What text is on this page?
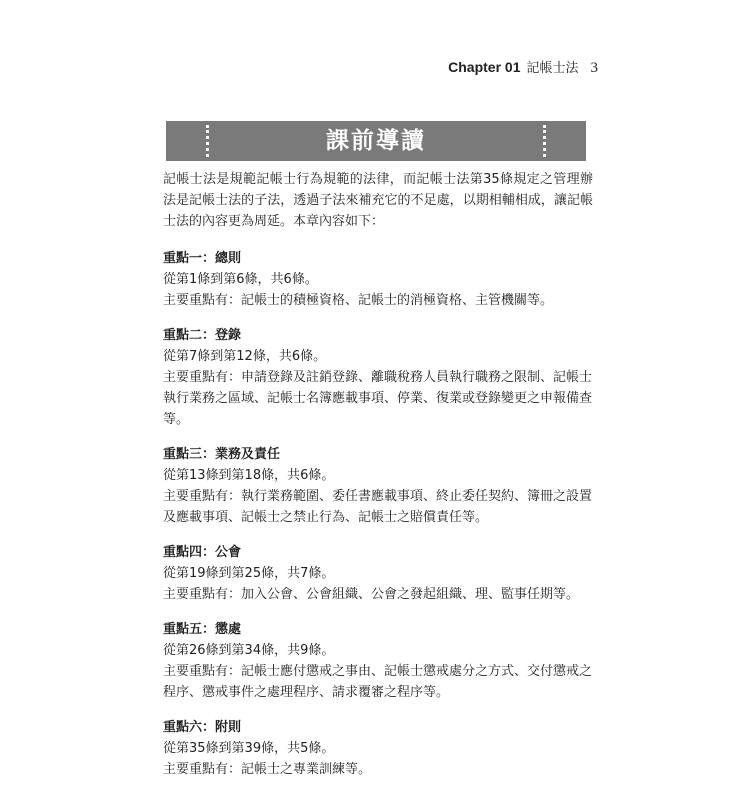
Chapter 01 記帳士法 3
課前導讀

記帳士法是規範記帳士行為規範的法律，而記帳士法第35條規定之管理辦法是記帳士法的子法，透過子法來補充它的不足處，以期相輔相成，讓記帳士法的內容更為周延。本章內容如下：

重點一：總則
從第1條到第6條，共6條。
主要重點有：記帳士的積極資格、記帳士的消極資格、主管機關等。
重點二：登錄
從第7條到第12條，共6條。
主要重點有：申請登錄及註銷登錄、離職稅務人員執行職務之限制、記帳士執行業務之區域、記帳士名簿應載事項、停業、復業或登錄變更之申報備查等。
重點三：業務及責任
從第13條到第18條，共6條。
主要重點有：執行業務範圍、委任書應載事項、終止委任契約、簿冊之設置及應載事項、記帳士之禁止行為、記帳士之賠償責任等。
重點四：公會
從第19條到第25條，共7條。
主要重點有：加入公會、公會組織、公會之發起組織、理、監事任期等。
重點五：懲處
從第26條到第34條，共9條。
主要重點有：記帳士應付懲戒之事由、記帳士懲戒處分之方式、交付懲戒之程序、懲戒事件之處理程序、請求覆審之程序等。
重點六：附則
從第35條到第39條，共5條。
主要重點有：記帳士之專業訓練等。
